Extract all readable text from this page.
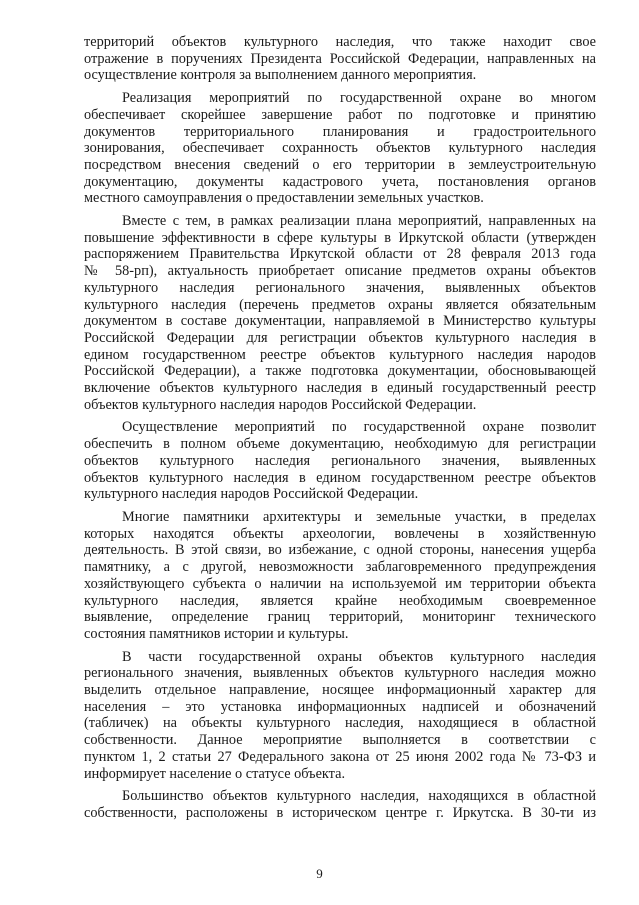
территорий объектов культурного наследия, что также находит свое
отражение в поручениях Президента Российской Федерации, направленных на
осуществление контроля за выполнением данного мероприятия.
Реализация мероприятий по государственной охране во многом
обеспечивает скорейшее завершение работ по подготовке и принятию
документов территориального планирования и градостроительного
зонирования, обеспечивает сохранность объектов культурного наследия
посредством внесения сведений о его территории в землеустроительную
документацию, документы кадастрового учета, постановления органов
местного самоуправления о предоставлении земельных участков.
Вместе с тем, в рамках реализации плана мероприятий, направленных на
повышение эффективности в сфере культуры в Иркутской области (утвержден
распоряжением Правительства Иркутской области от 28 февраля 2013 года
№ 58-рп), актуальность приобретает описание предметов охраны объектов
культурного наследия регионального значения, выявленных объектов
культурного наследия (перечень предметов охраны является обязательным
документом в составе документации, направляемой в Министерство культуры
Российской Федерации для регистрации объектов культурного наследия в
едином государственном реестре объектов культурного наследия народов
Российской Федерации), а также подготовка документации, обосновывающей
включение объектов культурного наследия в единый государственный реестр
объектов культурного наследия народов Российской Федерации.
Осуществление мероприятий по государственной охране позволит
обеспечить в полном объеме документацию, необходимую для регистрации
объектов культурного наследия регионального значения, выявленных
объектов культурного наследия в едином государственном реестре объектов
культурного наследия народов Российской Федерации.
Многие памятники архитектуры и земельные участки, в пределах
которых находятся объекты археологии, вовлечены в хозяйственную
деятельность. В этой связи, во избежание, с одной стороны, нанесения ущерба
памятнику, а с другой, невозможности заблаговременного предупреждения
хозяйствующего субъекта о наличии на используемой им территории объекта
культурного наследия, является крайне необходимым своевременное
выявление, определение границ территорий, мониторинг технического
состояния памятников истории и культуры.
В части государственной охраны объектов культурного наследия
регионального значения, выявленных объектов культурного наследия можно
выделить отдельное направление, носящее информационный характер для
населения – это установка информационных надписей и обозначений
(табличек) на объекты культурного наследия, находящиеся в областной
собственности. Данное мероприятие выполняется в соответствии с
пунктом 1, 2 статьи 27 Федерального закона от 25 июня 2002 года № 73-ФЗ и
информирует население о статусе объекта.
Большинство объектов культурного наследия, находящихся в областной
собственности, расположены в историческом центре г. Иркутска. В 30-ти из
9
